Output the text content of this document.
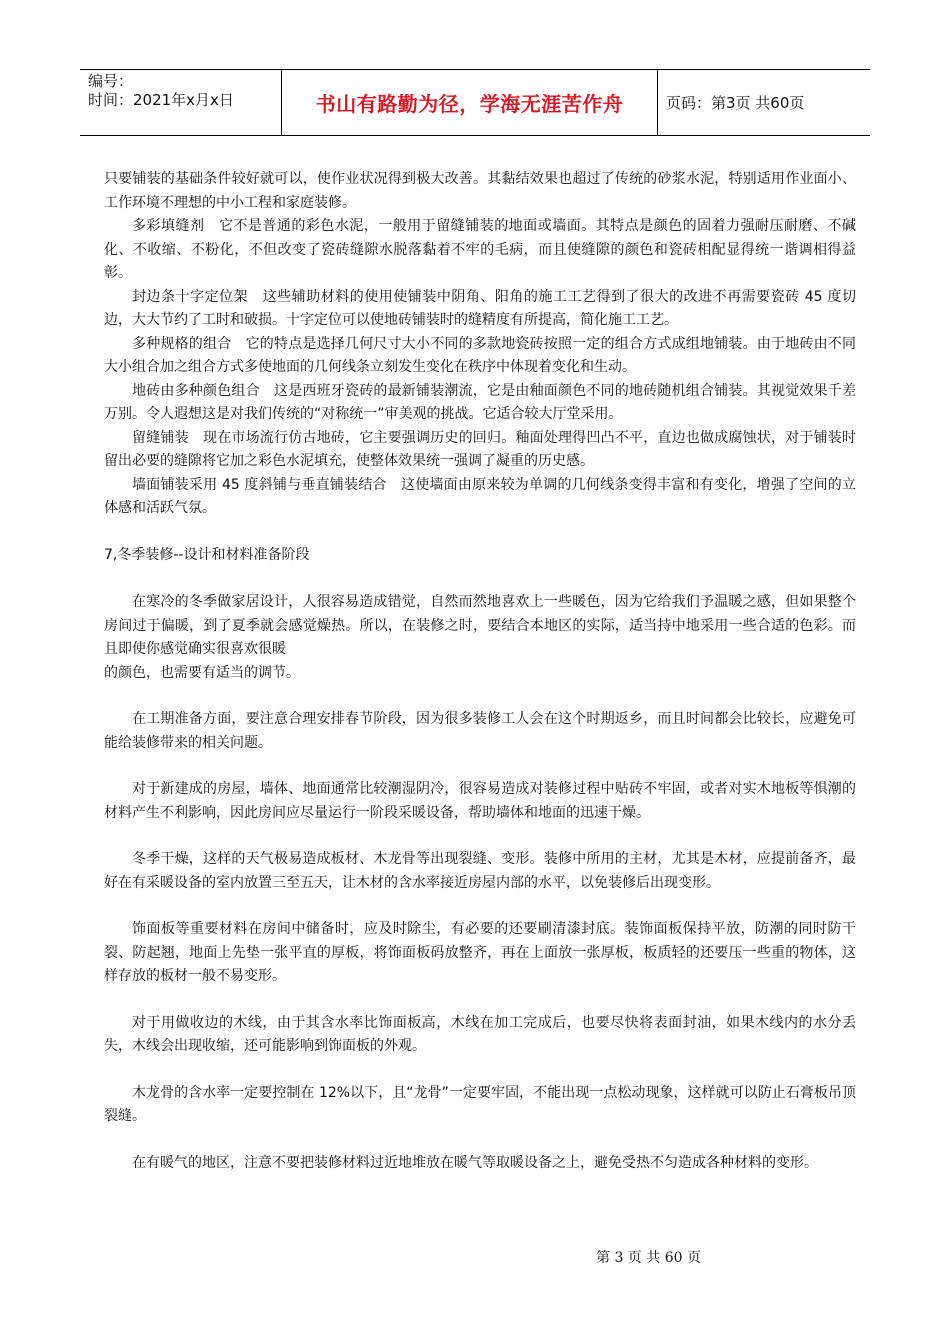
编号：
时间：2021年x月x日	书山有路勤为径，学海无涯苦作舟	页码：第3页 共60页

只要铺装的基础条件较好就可以，使作业状况得到极大改善。其黏结效果也超过了传统的砂浆水泥，特别适用作业面小、工作环境不理想的中小工程和家庭装修。

多彩填缝剂　它不是普通的彩色水泥，一般用于留缝铺装的地面或墙面。其特点是颜色的固着力强耐压耐磨、不碱化、不收缩、不粉化，不但改变了瓷砖缝隙水脱落黏着不牢的毛病，而且使缝隙的颜色和瓷砖相配显得统一谐调相得益彰。

封边条十字定位架　这些辅助材料的使用使铺装中阴角、阳角的施工工艺得到了很大的改进不再需要瓷砖 45 度切边，大大节约了工时和破损。十字定位可以使地砖铺装时的缝精度有所提高，简化施工工艺。

多种规格的组合　它的特点是选择几何尺寸大小不同的多款地瓷砖按照一定的组合方式成组地铺装。由于地砖由不同大小组合加之组合方式多使地面的几何线条立刻发生变化在秩序中体现着变化和生动。

地砖由多种颜色组合　这是西班牙瓷砖的最新铺装潮流，它是由釉面颜色不同的地砖随机组合铺装。其视觉效果千差万别。令人遐想这是对我们传统的“对称统一”审美观的挑战。它适合较大厅堂采用。

留缝铺装　现在市场流行仿古地砖，它主要强调历史的回归。釉面处理得凹凸不平，直边也做成腐蚀状，对于铺装时留出必要的缝隙将它加之彩色水泥填充，使整体效果统一强调了凝重的历史感。

墙面铺装采用 45 度斜铺与垂直铺装结合　这使墙面由原来较为单调的几何线条变得丰富和有变化，增强了空间的立体感和活跃气氛。

7,冬季装修--设计和材料准备阶段

在寒冷的冬季做家居设计，人很容易造成错觉，自然而然地喜欢上一些暖色，因为它给我们予温暖之感，但如果整个房间过于偏暖，到了夏季就会感觉燥热。所以，在装修之时，要结合本地区的实际，适当持中地采用一些合适的色彩。而且即使你感觉确实很喜欢很暖

的颜色，也需要有适当的调节。

在工期准备方面，要注意合理安排春节阶段，因为很多装修工人会在这个时期返乡，而且时间都会比较长，应避免可能给装修带来的相关问题。

对于新建成的房屋，墙体、地面通常比较潮湿阴冷，很容易造成对装修过程中贴砖不牢固，或者对实木地板等惧潮的材料产生不利影响，因此房间应尽量运行一阶段采暖设备，帮助墙体和地面的迅速干燥。

冬季干燥，这样的天气极易造成板材、木龙骨等出现裂缝、变形。装修中所用的主材，尤其是木材，应提前备齐，最好在有采暖设备的室内放置三至五天，让木材的含水率接近房屋内部的水平，以免装修后出现变形。

饰面板等重要材料在房间中储备时，应及时除尘，有必要的还要刷清漆封底。装饰面板保持平放，防潮的同时防干裂、防起翘，地面上先垫一张平直的厚板，将饰面板码放整齐，再在上面放一张厚板，板质轻的还要压一些重的物体，这样存放的板材一般不易变形。

对于用做收边的木线，由于其含水率比饰面板高，木线在加工完成后，也要尽快将表面封油，如果木线内的水分丢失，木线会出现收缩，还可能影响到饰面板的外观。

木龙骨的含水率一定要控制在 12%以下，且“龙骨”一定要牢固，不能出现一点松动现象，这样就可以防止石膏板吊顶裂缝。

在有暖气的地区，注意不要把装修材料过近地堆放在暖气等取暖设备之上，避免受热不匀造成各种材料的变形。

第 3 页 共 60 页
